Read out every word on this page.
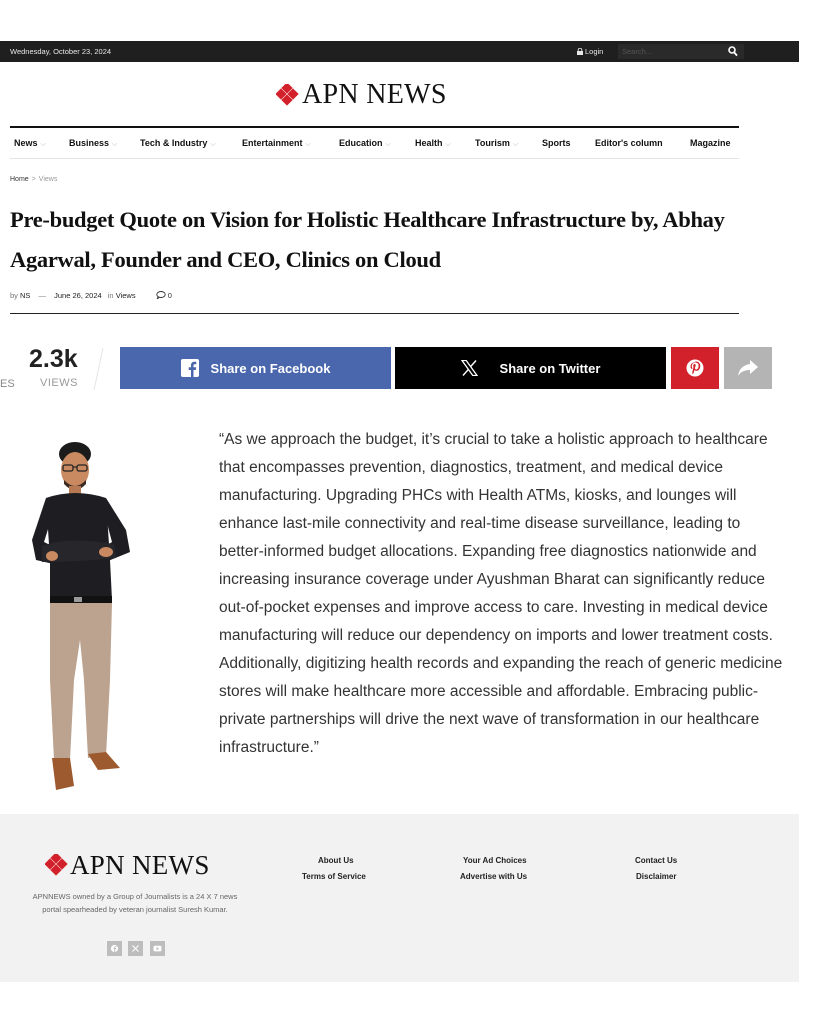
Wednesday, October 23, 2024	Login
Search...
APN NEWS
News ⌵	Business ⌵	Tech & Industry ⌵	Entertainment ⌵	Education ⌵	Health ⌵	Tourism ⌵	Sports	Editor's column	Magazine
Home > Views
Pre-budget Quote on Vision for Holistic Healthcare Infrastructure by, Abhay Agarwal, Founder and CEO, Clinics on Cloud
by NS — June 26, 2024 in Views	0
ES
2.3k
VIEWS
Share on Facebook	Share on Twitter
“As we approach the budget, it’s crucial to take a holistic approach to healthcare that encompasses prevention, diagnostics, treatment, and medical device manufacturing. Upgrading PHCs with Health ATMs, kiosks, and lounges will enhance last-mile connectivity and real-time disease surveillance, leading to better-informed budget allocations. Expanding free diagnostics nationwide and increasing insurance coverage under Ayushman Bharat can significantly reduce out-of-pocket expenses and improve access to care. Investing in medical device manufacturing will reduce our dependency on imports and lower treatment costs. Additionally, digitizing health records and expanding the reach of generic medicine stores will make healthcare more accessible and affordable. Embracing public-private partnerships will drive the next wave of transformation in our healthcare infrastructure.”
APN NEWS
APNNEWS owned by a Group of Journalists is a 24 X 7 news portal spearheaded by veteran journalist Suresh Kumar.

About Us
Terms of Service
Your Ad Choices
Advertise with Us
Contact Us
Disclaimer
